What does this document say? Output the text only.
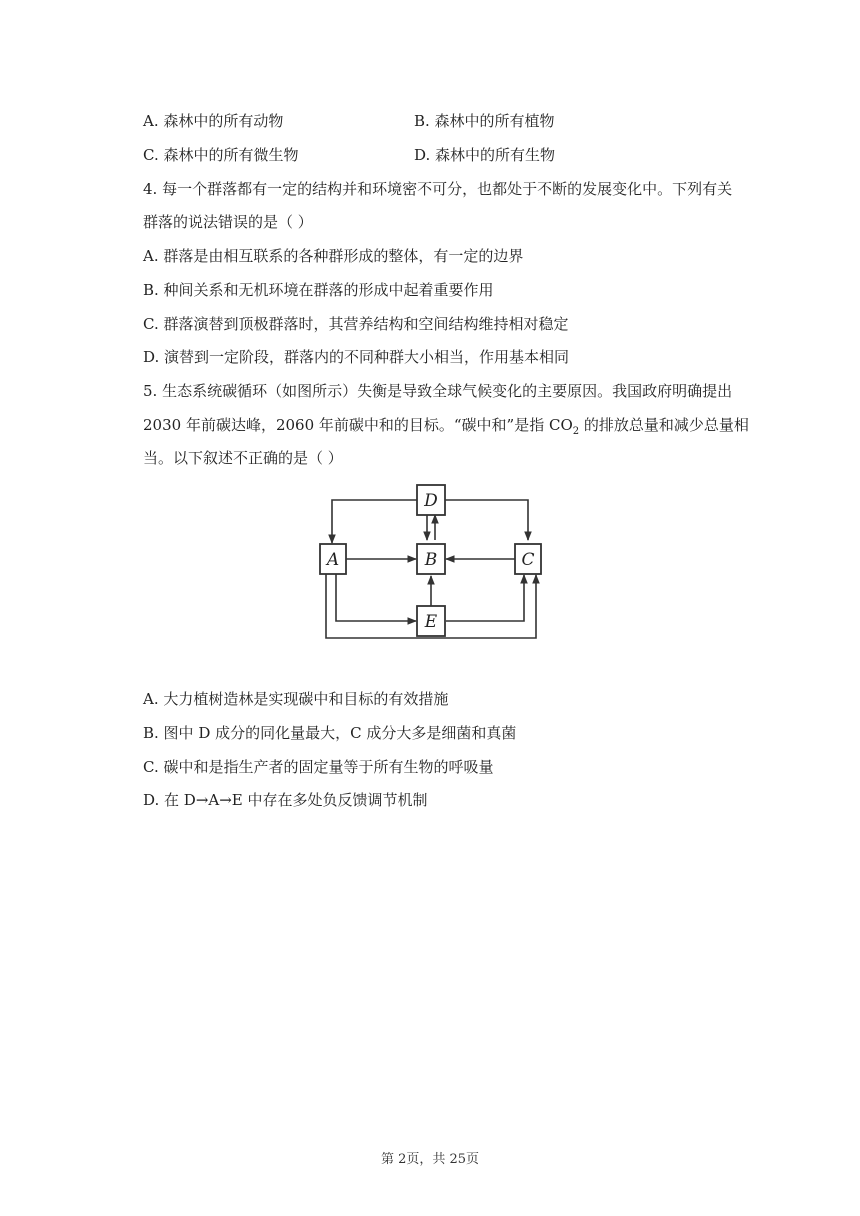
A. 森林中的所有动物	B. 森林中的所有植物
C. 森林中的所有微生物	D. 森林中的所有生物
4. 每一个群落都有一定的结构并和环境密不可分，也都处于不断的发展变化中。下列有关
群落的说法错误的是（ ）
A. 群落是由相互联系的各种群形成的整体，有一定的边界
B. 种间关系和无机环境在群落的形成中起着重要作用
C. 群落演替到顶极群落时，其营养结构和空间结构维持相对稳定
D. 演替到一定阶段，群落内的不同种群大小相当，作用基本相同
5. 生态系统碳循环（如图所示）失衡是导致全球气候变化的主要原因。我国政府明确提出
2030 年前碳达峰，2060 年前碳中和的目标。“碳中和”是指 $CO_2$ 的排放总量和减少总量相
当。以下叙述不正确的是（ ）
D
A	B	C
E
A. 大力植树造林是实现碳中和目标的有效措施
B. 图中 D 成分的同化量最大，C 成分大多是细菌和真菌
C. 碳中和是指生产者的固定量等于所有生物的呼吸量
D. 在 D→A→E 中存在多处负反馈调节机制
第 2页，共 25页
